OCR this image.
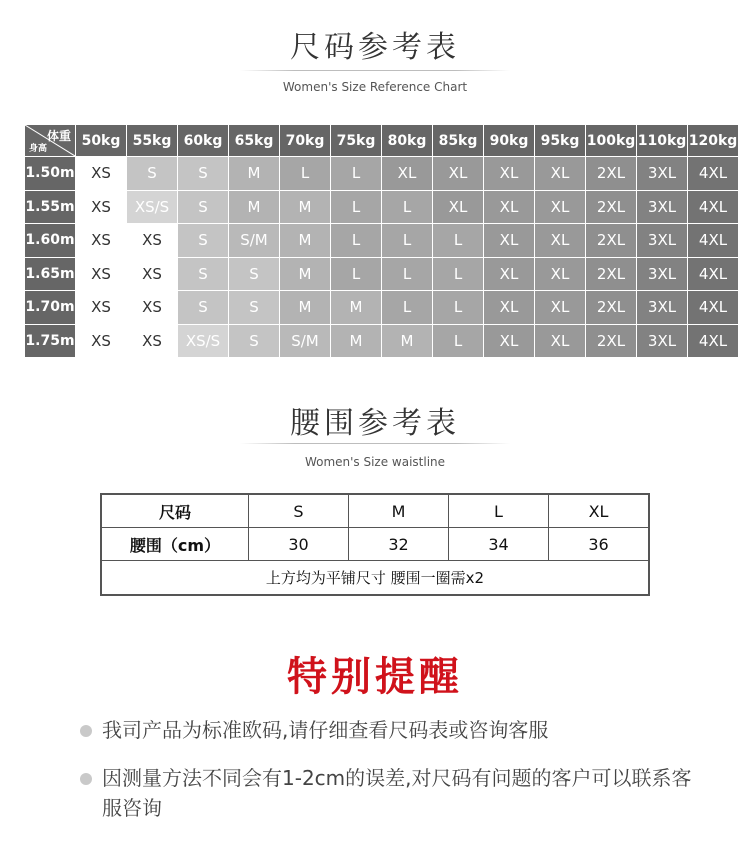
尺码参考表
Women's Size Reference Chart
体重
身高	50kg	55kg	60kg	65kg	70kg	75kg	80kg	85kg	90kg	95kg	100kg	110kg	120kg
1.50m	XS	S	S	M	L	L	XL	XL	XL	XL	2XL	3XL	4XL
1.55m	XS	XS/S	S	M	M	L	L	XL	XL	XL	2XL	3XL	4XL
1.60m	XS	XS	S	S/M	M	L	L	L	XL	XL	2XL	3XL	4XL
1.65m	XS	XS	S	S	M	L	L	L	XL	XL	2XL	3XL	4XL
1.70m	XS	XS	S	S	M	M	L	L	XL	XL	2XL	3XL	4XL
1.75m	XS	XS	XS/S	S	S/M	M	M	L	XL	XL	2XL	3XL	4XL
腰围参考表
Women's Size waistline
尺码	S	M	L	XL
腰围（cm）	30	32	34	36
上方均为平铺尺寸 腰围一圈需x2				
特别提醒
我司产品为标准欧码,请仔细查看尺码表或咨询客服
因测量方法不同会有1-2cm的误差,对尺码有问题的客户可以联系客服咨询
